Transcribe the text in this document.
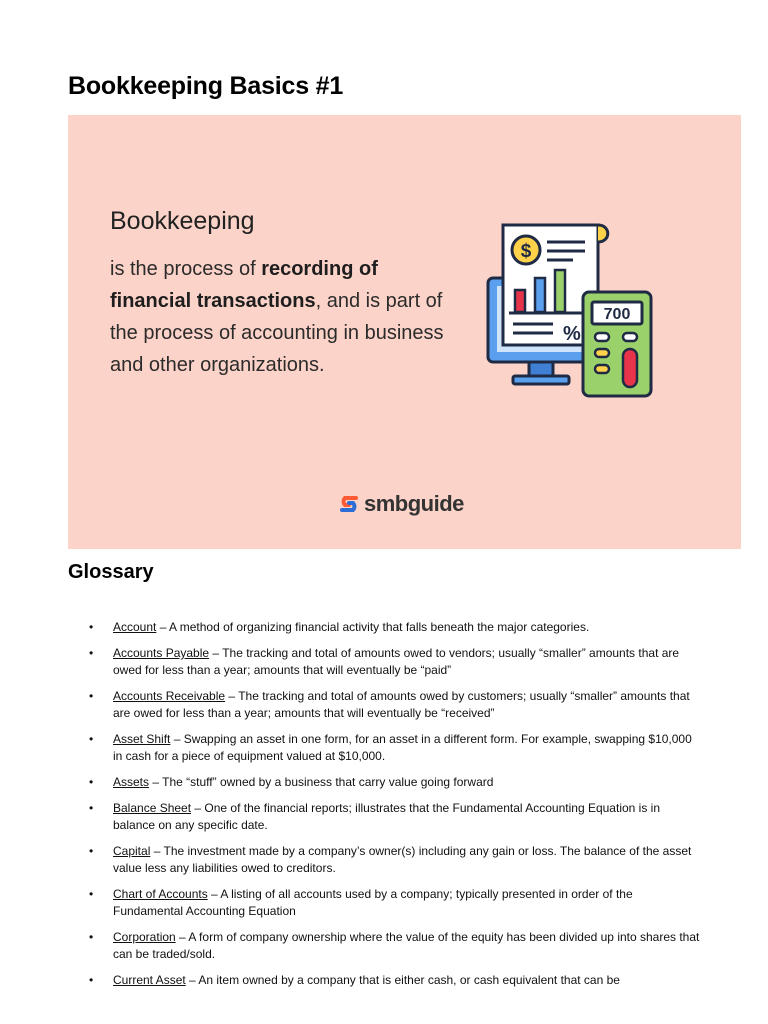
Bookkeeping Basics #1
Bookkeeping
is the process of recording of financial transactions, and is part of the process of accounting in business and other organizations.
$
%
700
smbguide
Glossary
• Account – A method of organizing financial activity that falls beneath the major categories.
• Accounts Payable – The tracking and total of amounts owed to vendors; usually “smaller” amounts that are owed for less than a year; amounts that will eventually be “paid”
• Accounts Receivable – The tracking and total of amounts owed by customers; usually “smaller” amounts that are owed for less than a year; amounts that will eventually be “received”
• Asset Shift – Swapping an asset in one form, for an asset in a different form. For example, swapping $10,000 in cash for a piece of equipment valued at $10,000.
• Assets – The “stuff” owned by a business that carry value going forward
• Balance Sheet – One of the financial reports; illustrates that the Fundamental Accounting Equation is in balance on any specific date.
• Capital – The investment made by a company’s owner(s) including any gain or loss. The balance of the asset value less any liabilities owed to creditors.
• Chart of Accounts – A listing of all accounts used by a company; typically presented in order of the Fundamental Accounting Equation
• Corporation – A form of company ownership where the value of the equity has been divided up into shares that can be traded/sold.
• Current Asset – An item owned by a company that is either cash, or cash equivalent that can be
